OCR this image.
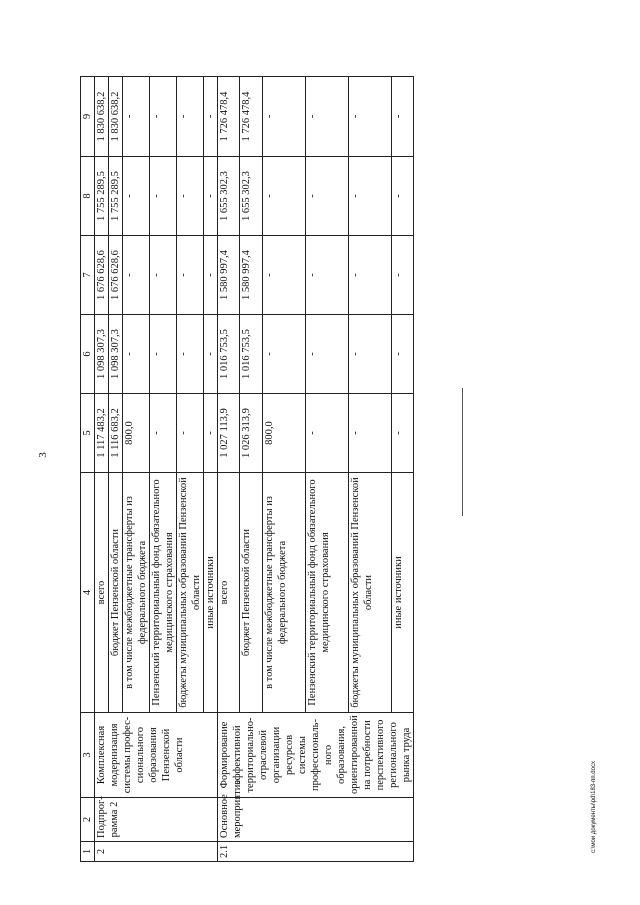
3
1	2	3	4	5	6	7	8	9
2	Подпрог-рамма 2	Комплексная модернизация системы профес-сионального образования Пензенской области	всего	1 117 483,2	1 098 307,3	1 676 628,6	1 755 289,5	1 830 638,2
			бюджет Пензенской области	1 116 683,2	1 098 307,3	1 676 628,6	1 755 289,5	1 830 638,2
			в том числе межбюджетные трансферты из федерального бюджета	800,0	-	-	-	-
			Пензенский территориальный фонд обязательного медицинского страхования	-	-	-	-	-
			бюджеты муниципальных образований Пензенской области	-	-	-	-	-
			иные источники	-	-	-	-	-
2.1	Основное мероприятие	Формирование эффективной территориально-отраслевой организации ресурсов системы профессиональ-ного образования, ориентированной на потребности перспективного регионального рынка труда	всего	1 027 113,9	1 016 753,5	1 580 997,4	1 655 302,3	1 726 478,4
			бюджет Пензенской области	1 026 313,9	1 016 753,5	1 580 997,4	1 655 302,3	1 726 478,4
			в том числе межбюджетные трансферты из федерального бюджета	800,0	-	-	-	-
			Пензенский территориальный фонд обязательного медицинского страхования	-	-	-	-	-
			бюджеты муниципальных образований Пензенской области	-	-	-	-	-
			иные источники	-	-	-	-	-
c:\мои документы\pd\183-пп.docx
